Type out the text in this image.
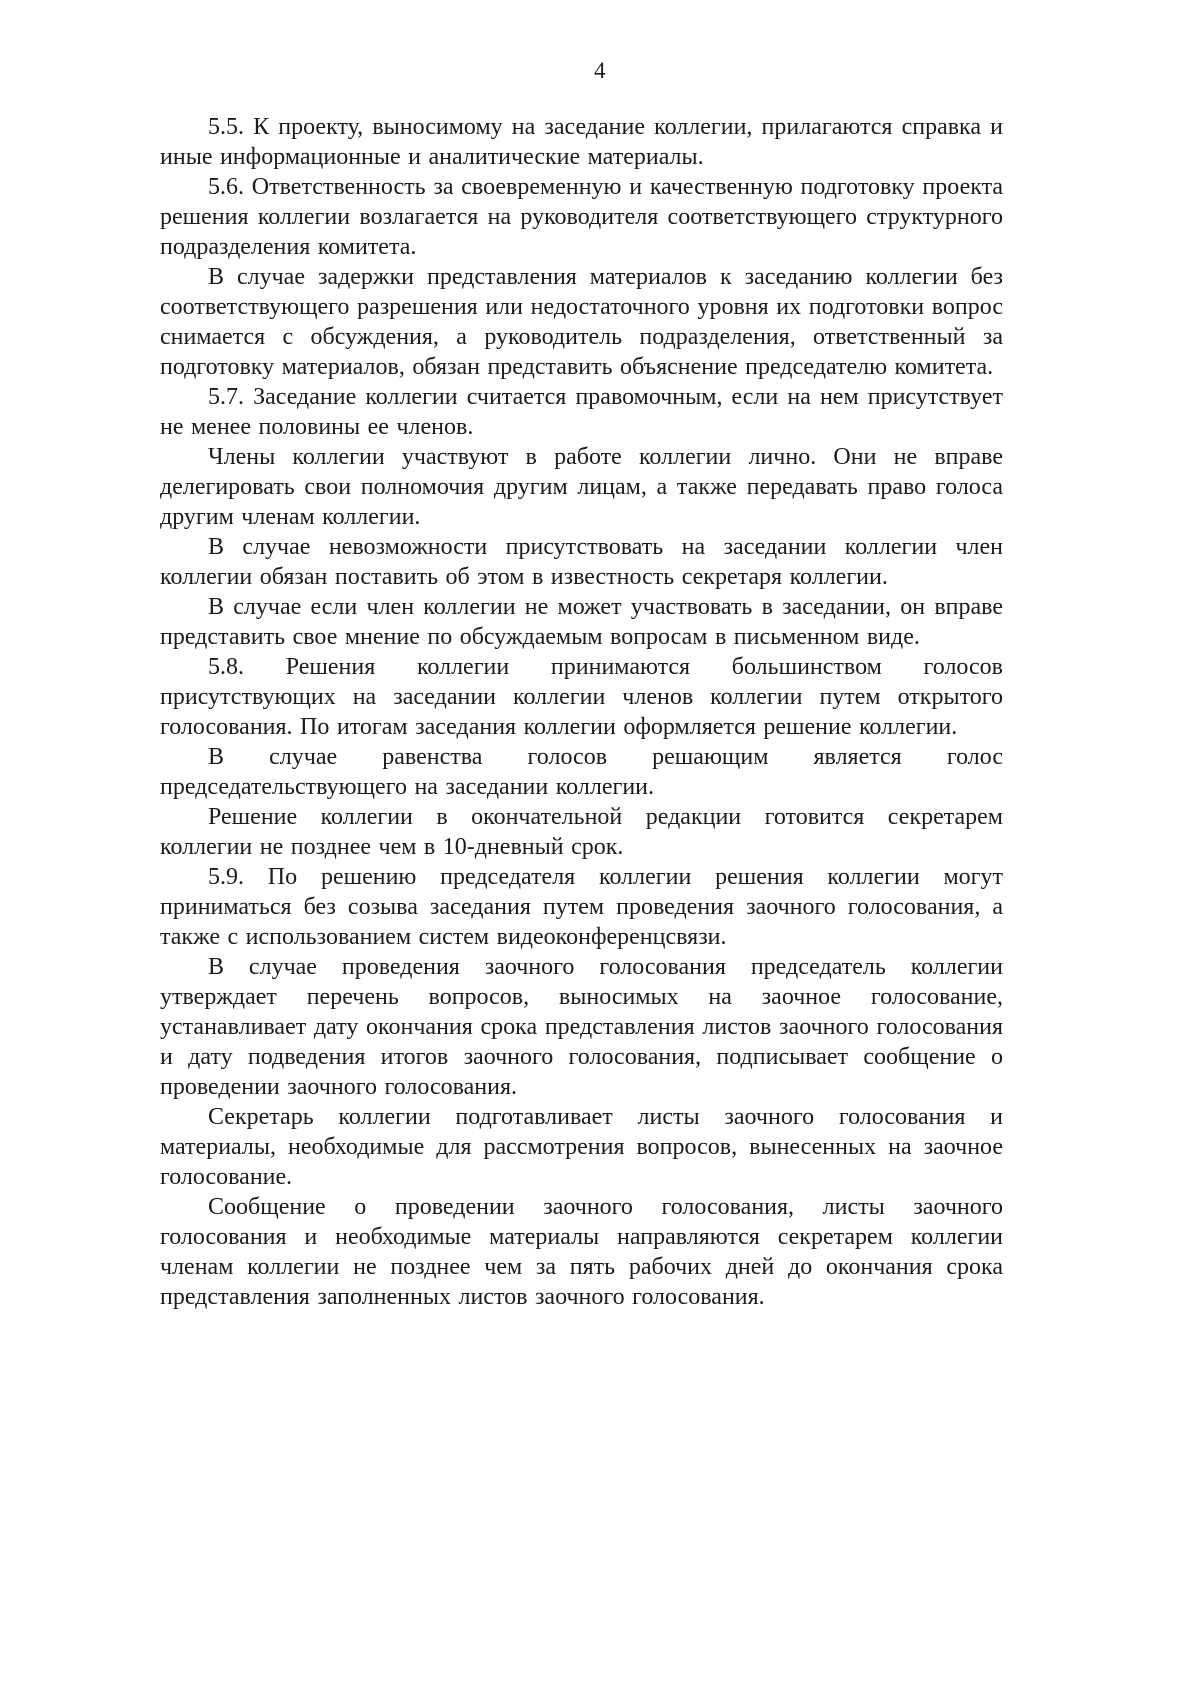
4

5.5. К проекту, выносимому на заседание коллегии, прилагаются справка и иные информационные и аналитические материалы.

5.6. Ответственность за своевременную и качественную подготовку проекта решения коллегии возлагается на руководителя соответствующего структурного подразделения комитета.

В случае задержки представления материалов к заседанию коллегии без соответствующего разрешения или недостаточного уровня их подготовки вопрос снимается с обсуждения, а руководитель подразделения, ответственный за подготовку материалов, обязан представить объяснение председателю комитета.

5.7. Заседание коллегии считается правомочным, если на нем присутствует не менее половины ее членов.

Члены коллегии участвуют в работе коллегии лично. Они не вправе делегировать свои полномочия другим лицам, а также передавать право голоса другим членам коллегии.

В случае невозможности присутствовать на заседании коллегии член коллегии обязан поставить об этом в известность секретаря коллегии.

В случае если член коллегии не может участвовать в заседании, он вправе представить свое мнение по обсуждаемым вопросам в письменном виде.

5.8. Решения коллегии принимаются большинством голосов присутствующих на заседании коллегии членов коллегии путем открытого голосования. По итогам заседания коллегии оформляется решение коллегии.

В случае равенства голосов решающим является голос председательствующего на заседании коллегии.

Решение коллегии в окончательной редакции готовится секретарем коллегии не позднее чем в 10-дневный срок.

5.9. По решению председателя коллегии решения коллегии могут приниматься без созыва заседания путем проведения заочного голосования, а также с использованием систем видеоконференцсвязи.

В случае проведения заочного голосования председатель коллегии утверждает перечень вопросов, выносимых на заочное голосование, устанавливает дату окончания срока представления листов заочного голосования и дату подведения итогов заочного голосования, подписывает сообщение о проведении заочного голосования.

Секретарь коллегии подготавливает листы заочного голосования и материалы, необходимые для рассмотрения вопросов, вынесенных на заочное голосование.

Сообщение о проведении заочного голосования, листы заочного голосования и необходимые материалы направляются секретарем коллегии членам коллегии не позднее чем за пять рабочих дней до окончания срока представления заполненных листов заочного голосования.
